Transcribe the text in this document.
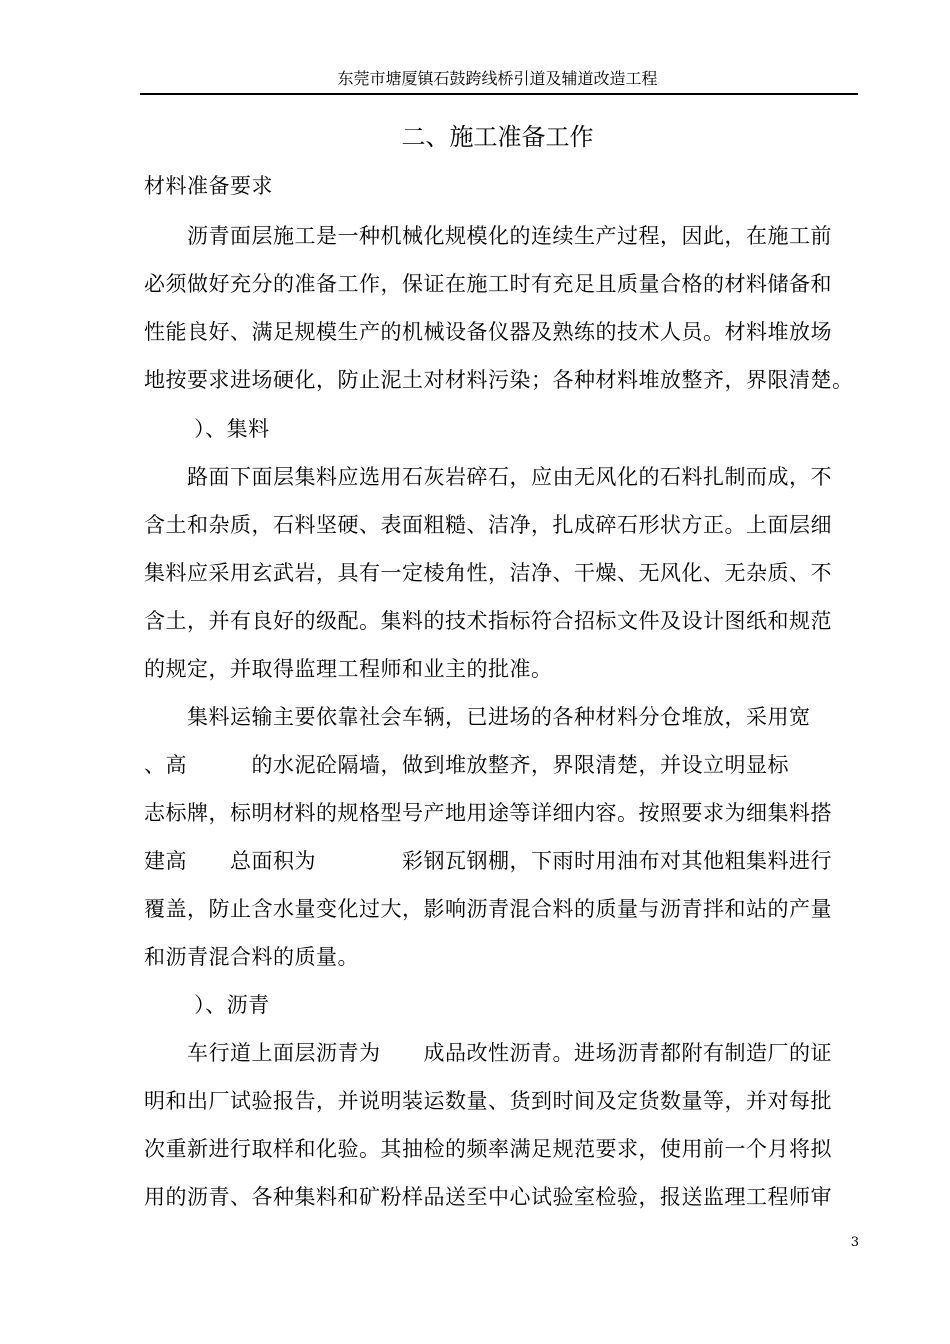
东莞市塘厦镇石鼓跨线桥引道及辅道改造工程
二、施工准备工作
材料准备要求
　　沥青面层施工是一种机械化规模化的连续生产过程，因此，在施工前
必须做好充分的准备工作，保证在施工时有充足且质量合格的材料储备和
性能良好、满足规模生产的机械设备仪器及熟练的技术人员。材料堆放场
地按要求进场硬化，防止泥土对材料污染；各种材料堆放整齐，界限清楚。
　　 ）、集料
　　路面下面层集料应选用石灰岩碎石，应由无风化的石料扎制而成，不
含土和杂质，石料坚硬、表面粗糙、洁净，扎成碎石形状方正。上面层细
集料应采用玄武岩，具有一定棱角性，洁净、干燥、无风化、无杂质、不
含土，并有良好的级配。集料的技术指标符合招标文件及设计图纸和规范
的规定，并取得监理工程师和业主的批准。
　　集料运输主要依靠社会车辆，已进场的各种材料分仓堆放，采用宽
、高　　　的水泥砼隔墙，做到堆放整齐，界限清楚，并设立明显标
志标牌，标明材料的规格型号产地用途等详细内容。按照要求为细集料搭
建高　　总面积为　　　　彩钢瓦钢棚，下雨时用油布对其他粗集料进行
覆盖，防止含水量变化过大，影响沥青混合料的质量与沥青拌和站的产量
和沥青混合料的质量。
　　 ）、沥青
　　车行道上面层沥青为　　成品改性沥青。进场沥青都附有制造厂的证
明和出厂试验报告，并说明装运数量、货到时间及定货数量等，并对每批
次重新进行取样和化验。其抽检的频率满足规范要求，使用前一个月将拟
用的沥青、各种集料和矿粉样品送至中心试验室检验，报送监理工程师审
3
